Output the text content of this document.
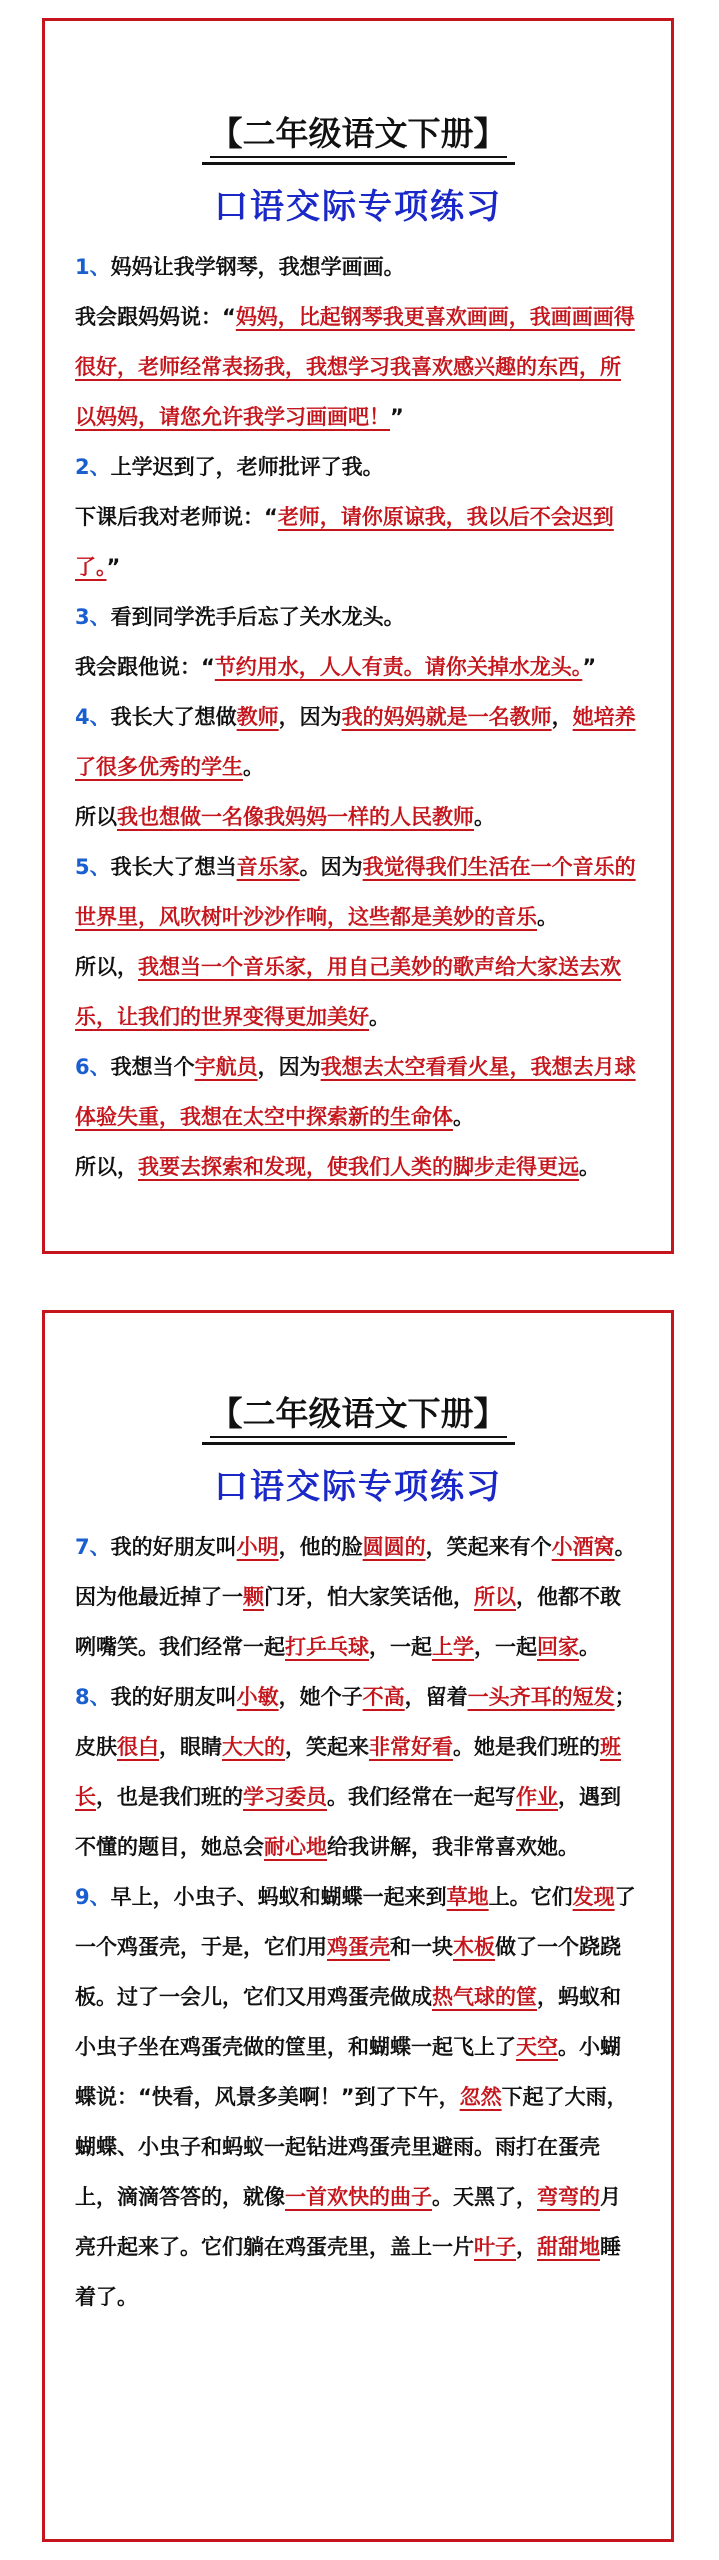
【二年级语文下册】
口语交际专项练习

1、妈妈让我学钢琴，我想学画画。

我会跟妈妈说：“妈妈，比起钢琴我更喜欢画画，我画画画得很好，老师经常表扬我，我想学习我喜欢感兴趣的东西，所以妈妈，请您允许我学习画画吧！”

2、上学迟到了，老师批评了我。

下课后我对老师说：“老师，请你原谅我，我以后不会迟到了。”

3、看到同学洗手后忘了关水龙头。

我会跟他说：“节约用水，人人有责。请你关掉水龙头。”

4、我长大了想做教师，因为我的妈妈就是一名教师，她培养了很多优秀的学生。

所以我也想做一名像我妈妈一样的人民教师。

5、我长大了想当音乐家。因为我觉得我们生活在一个音乐的世界里，风吹树叶沙沙作响，这些都是美妙的音乐。

所以，我想当一个音乐家，用自己美妙的歌声给大家送去欢乐，让我们的世界变得更加美好。

6、我想当个宇航员，因为我想去太空看看火星，我想去月球体验失重，我想在太空中探索新的生命体。

所以，我要去探索和发现，使我们人类的脚步走得更远。

【二年级语文下册】
口语交际专项练习

7、我的好朋友叫小明，他的脸圆圆的，笑起来有个小酒窝。因为他最近掉了一颗门牙，怕大家笑话他，所以，他都不敢咧嘴笑。我们经常一起打乒乓球，一起上学，一起回家。

8、我的好朋友叫小敏，她个子不高，留着一头齐耳的短发；皮肤很白，眼睛大大的，笑起来非常好看。她是我们班的班长，也是我们班的学习委员。我们经常在一起写作业，遇到不懂的题目，她总会耐心地给我讲解，我非常喜欢她。

9、早上，小虫子、蚂蚁和蝴蝶一起来到草地上。它们发现了一个鸡蛋壳，于是，它们用鸡蛋壳和一块木板做了一个跷跷板。过了一会儿，它们又用鸡蛋壳做成热气球的筐，蚂蚁和小虫子坐在鸡蛋壳做的筐里，和蝴蝶一起飞上了天空。小蝴蝶说：“快看，风景多美啊！”到了下午，忽然下起了大雨，蝴蝶、小虫子和蚂蚁一起钻进鸡蛋壳里避雨。雨打在蛋壳上，滴滴答答的，就像一首欢快的曲子。天黑了，弯弯的月亮升起来了。它们躺在鸡蛋壳里，盖上一片叶子，甜甜地睡着了。
